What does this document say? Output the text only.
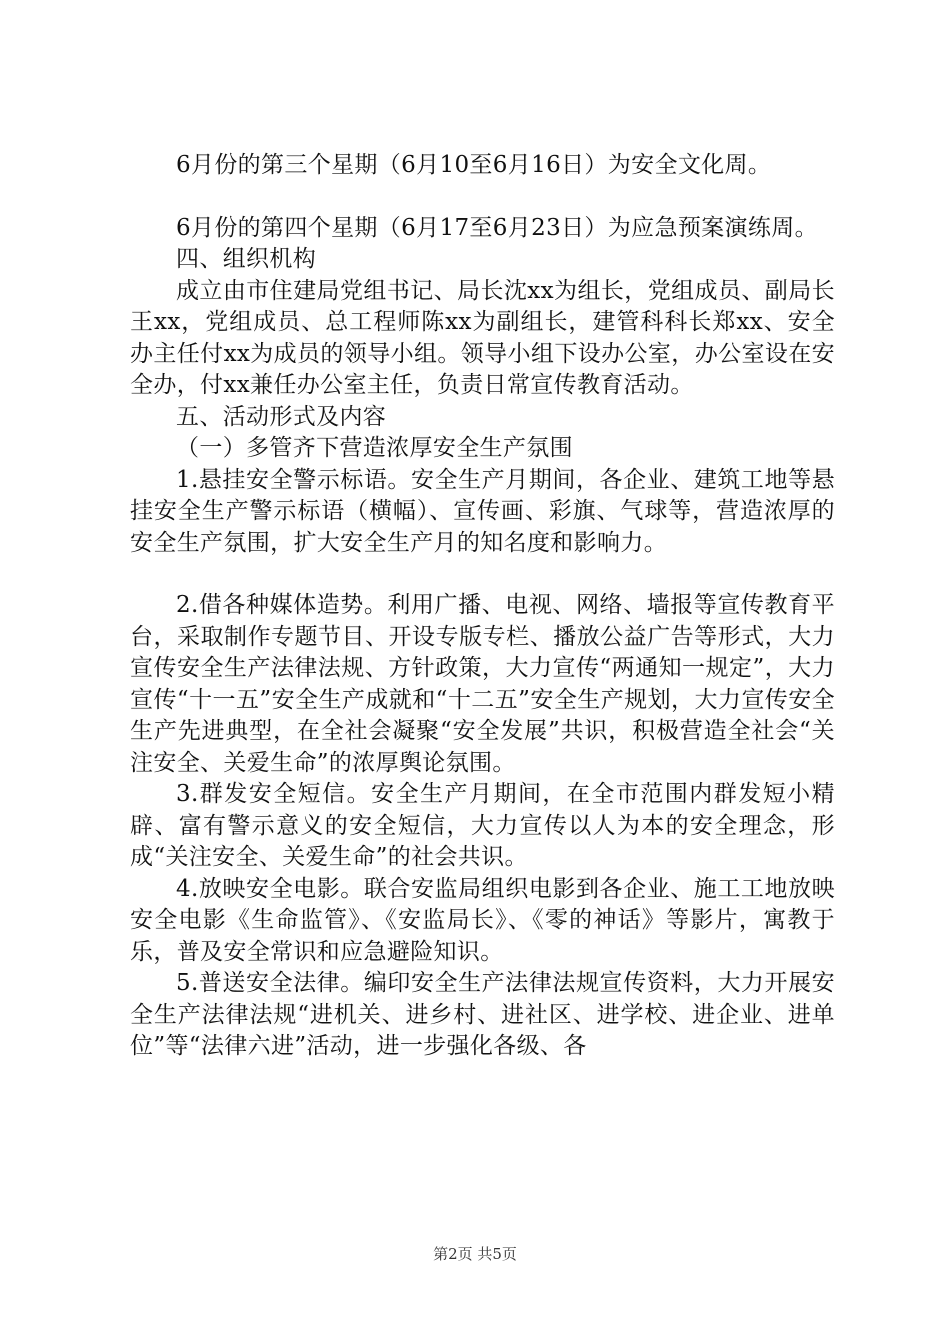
6月份的第三个星期（6月10至6月16日）为安全文化周。

6月份的第四个星期（6月17至6月23日）为应急预案演练周。

四、组织机构

成立由市住建局党组书记、局长沈xx为组长，党组成员、副局长王xx，党组成员、总工程师陈xx为副组长，建管科科长郑xx、安全办主任付xx为成员的领导小组。领导小组下设办公室，办公室设在安全办，付xx兼任办公室主任，负责日常宣传教育活动。

五、活动形式及内容

（一）多管齐下营造浓厚安全生产氛围

1.悬挂安全警示标语。安全生产月期间，各企业、建筑工地等悬挂安全生产警示标语（横幅）、宣传画、彩旗、气球等，营造浓厚的安全生产氛围，扩大安全生产月的知名度和影响力。

2.借各种媒体造势。利用广播、电视、网络、墙报等宣传教育平台，采取制作专题节目、开设专版专栏、播放公益广告等形式，大力宣传安全生产法律法规、方针政策，大力宣传“两通知一规定”，大力宣传“十一五”安全生产成就和“十二五”安全生产规划，大力宣传安全生产先进典型，在全社会凝聚“安全发展”共识，积极营造全社会“关注安全、关爱生命”的浓厚舆论氛围。

3.群发安全短信。安全生产月期间，在全市范围内群发短小精辟、富有警示意义的安全短信，大力宣传以人为本的安全理念，形成“关注安全、关爱生命”的社会共识。

4.放映安全电影。联合安监局组织电影到各企业、施工工地放映安全电影《生命监管》、《安监局长》、《零的神话》等影片，寓教于乐，普及安全常识和应急避险知识。

5.普送安全法律。编印安全生产法律法规宣传资料，大力开展安全生产法律法规“进机关、进乡村、进社区、进学校、进企业、进单位”等“法律六进”活动，进一步强化各级、各

第2页 共5页
